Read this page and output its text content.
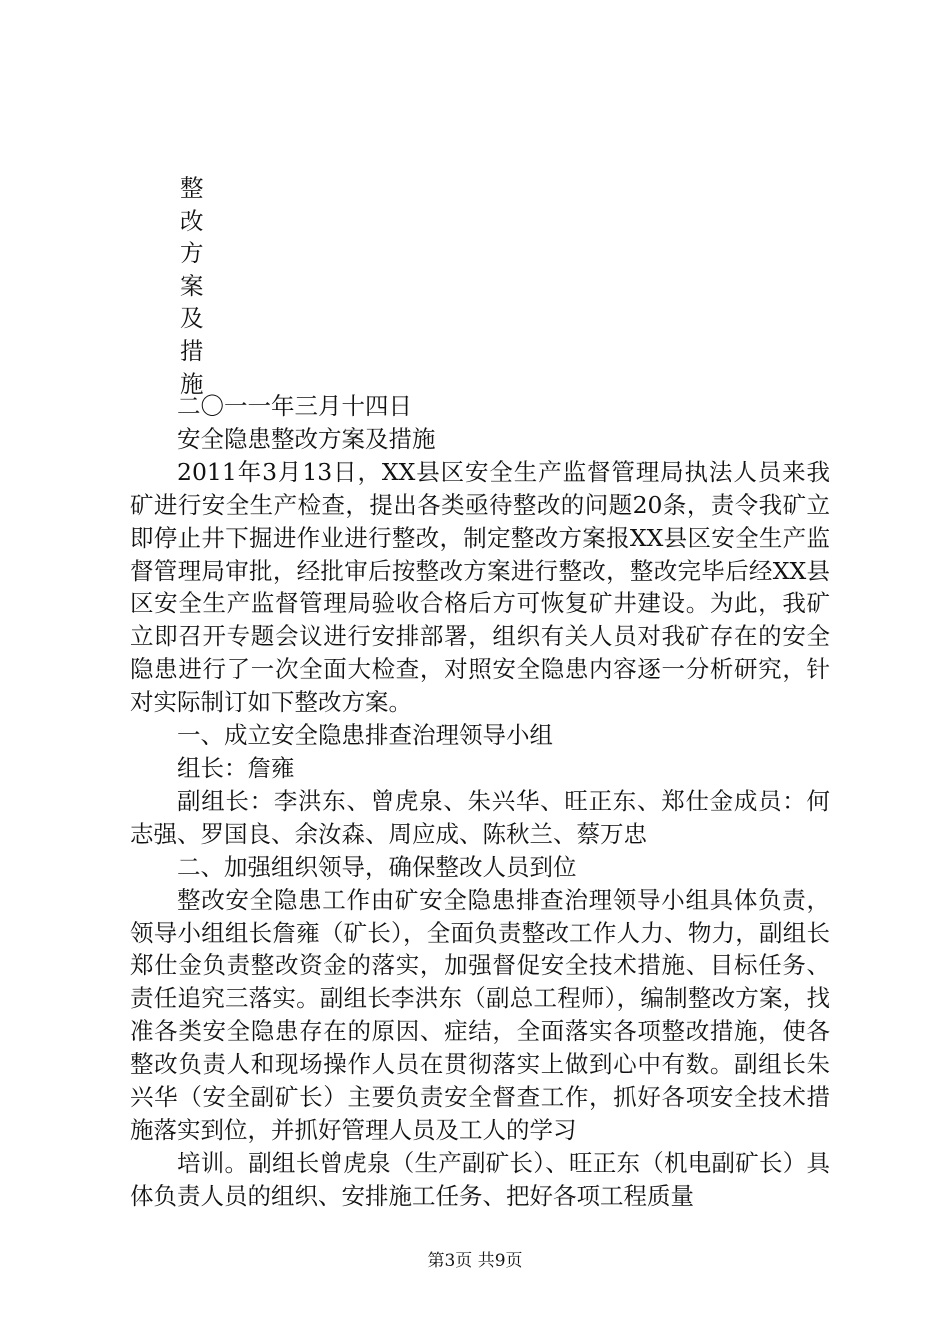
整
改
方
案
及
措
施

二〇一一年三月十四日

安全隐患整改方案及措施

2011年3月13日，XX县区安全生产监督管理局执法人员来我矿进行安全生产检查，提出各类亟待整改的问题20条，责令我矿立即停止井下掘进作业进行整改，制定整改方案报XX县区安全生产监督管理局审批，经批审后按整改方案进行整改，整改完毕后经XX县区安全生产监督管理局验收合格后方可恢复矿井建设。为此，我矿立即召开专题会议进行安排部署，组织有关人员对我矿存在的安全隐患进行了一次全面大检查，对照安全隐患内容逐一分析研究，针对实际制订如下整改方案。

一、成立安全隐患排查治理领导小组

组长：詹雍

副组长：李洪东、曾虎泉、朱兴华、旺正东、郑仕金成员：何志强、罗国良、余汝森、周应成、陈秋兰、蔡万忠

二、加强组织领导，确保整改人员到位

整改安全隐患工作由矿安全隐患排查治理领导小组具体负责，领导小组组长詹雍（矿长），全面负责整改工作人力、物力，副组长郑仕金负责整改资金的落实，加强督促安全技术措施、目标任务、责任追究三落实。副组长李洪东（副总工程师），编制整改方案，找准各类安全隐患存在的原因、症结，全面落实各项整改措施，使各整改负责人和现场操作人员在贯彻落实上做到心中有数。副组长朱兴华（安全副矿长）主要负责安全督查工作，抓好各项安全技术措施落实到位，并抓好管理人员及工人的学习

培训。副组长曾虎泉（生产副矿长）、旺正东（机电副矿长）具体负责人员的组织、安排施工任务、把好各项工程质量

第3页 共9页
